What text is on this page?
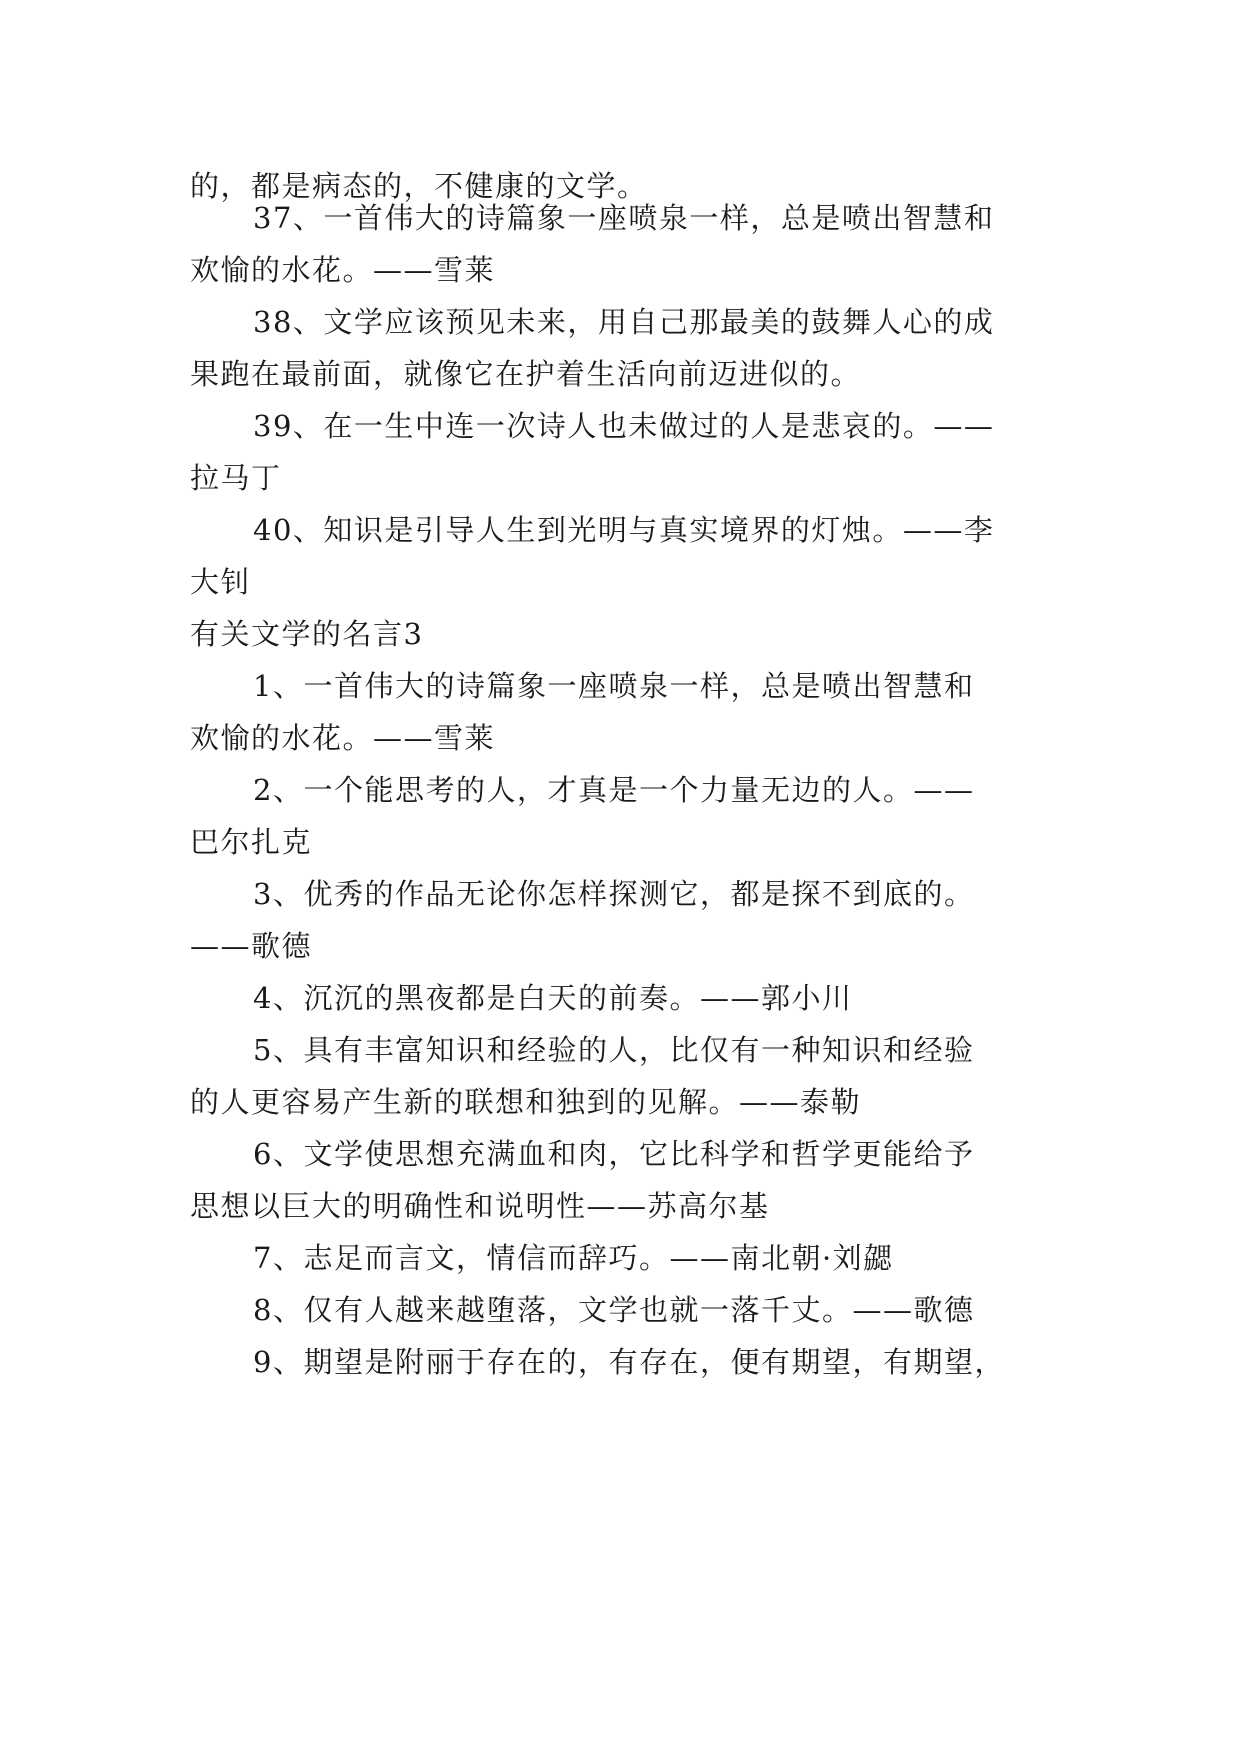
的，都是病态的，不健康的文学。
37、一首伟大的诗篇象一座喷泉一样，总是喷出智慧和
欢愉的水花。——雪莱
38、文学应该预见未来，用自己那最美的鼓舞人心的成
果跑在最前面，就像它在护着生活向前迈进似的。
39、在一生中连一次诗人也未做过的人是悲哀的。——
拉马丁
40、知识是引导人生到光明与真实境界的灯烛。——李
大钊
有关文学的名言3
1、一首伟大的诗篇象一座喷泉一样，总是喷出智慧和
欢愉的水花。——雪莱
2、一个能思考的人，才真是一个力量无边的人。——
巴尔扎克
3、优秀的作品无论你怎样探测它，都是探不到底的。
——歌德
4、沉沉的黑夜都是白天的前奏。——郭小川
5、具有丰富知识和经验的人，比仅有一种知识和经验
的人更容易产生新的联想和独到的见解。——泰勒
6、文学使思想充满血和肉，它比科学和哲学更能给予
思想以巨大的明确性和说明性——苏高尔基
7、志足而言文，情信而辞巧。——南北朝·刘勰
8、仅有人越来越堕落，文学也就一落千丈。——歌德
9、期望是附丽于存在的，有存在，便有期望，有期望，
